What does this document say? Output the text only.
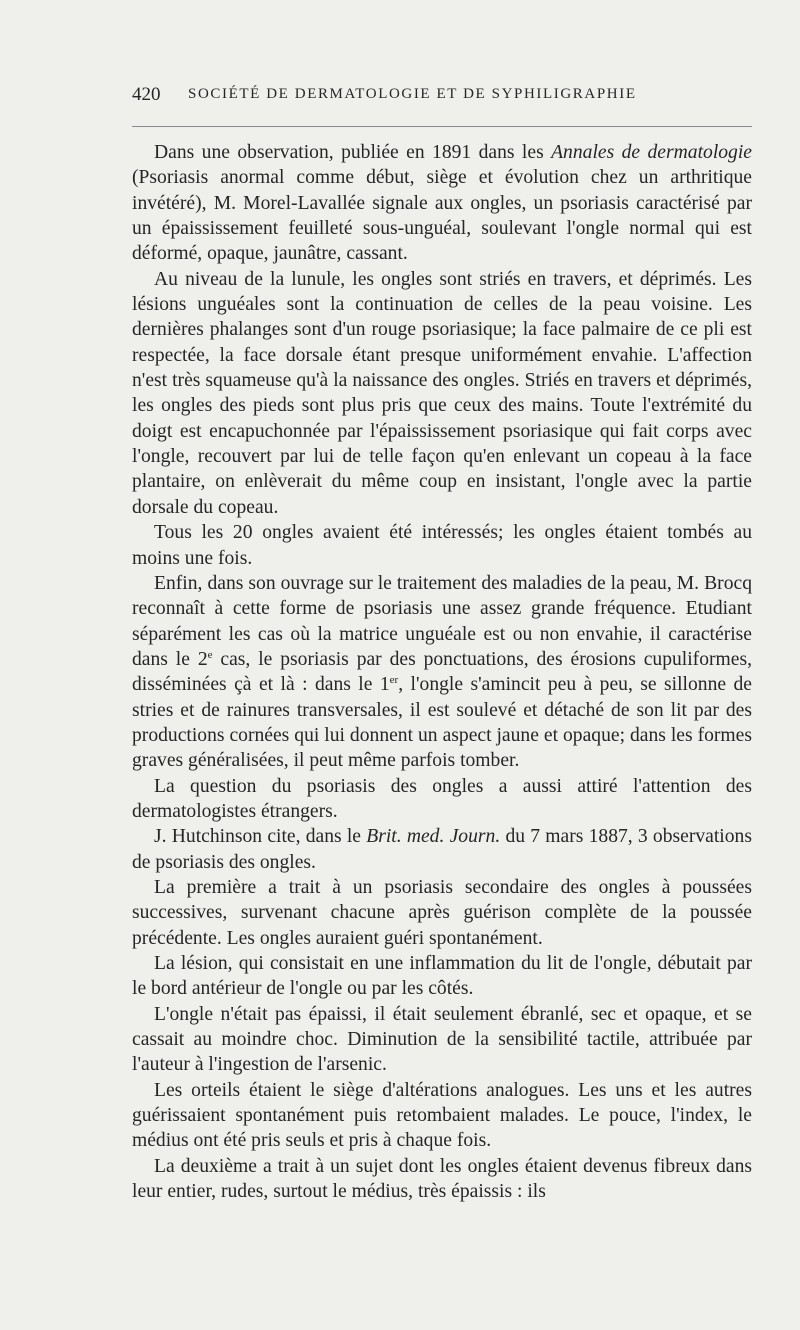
420 SOCIÉTÉ DE DERMATOLOGIE ET DE SYPHILIGRAPHIE

Dans une observation, publiée en 1891 dans les Annales de dermatologie (Psoriasis anormal comme début, siège et évolution chez un arthritique invétéré), M. Morel-Lavallée signale aux ongles, un psoriasis caractérisé par un épaississement feuilleté sous-unguéal, soulevant l'ongle normal qui est déformé, opaque, jaunâtre, cassant.

Au niveau de la lunule, les ongles sont striés en travers, et déprimés. Les lésions unguéales sont la continuation de celles de la peau voisine. Les dernières phalanges sont d'un rouge psoriasique; la face palmaire de ce pli est respectée, la face dorsale étant presque uniformément envahie. L'affection n'est très squameuse qu'à la naissance des ongles. Striés en travers et déprimés, les ongles des pieds sont plus pris que ceux des mains. Toute l'extrémité du doigt est encapuchonnée par l'épaississement psoriasique qui fait corps avec l'ongle, recouvert par lui de telle façon qu'en enlevant un copeau à la face plantaire, on enlèverait du même coup en insistant, l'ongle avec la partie dorsale du copeau.

Tous les 20 ongles avaient été intéressés; les ongles étaient tombés au moins une fois.

Enfin, dans son ouvrage sur le traitement des maladies de la peau, M. Brocq reconnaît à cette forme de psoriasis une assez grande fréquence. Etudiant séparément les cas où la matrice unguéale est ou non envahie, il caractérise dans le 2e cas, le psoriasis par des ponctuations, des érosions cupuliformes, disséminées çà et là : dans le 1er, l'ongle s'amincit peu à peu, se sillonne de stries et de rainures transversales, il est soulevé et détaché de son lit par des productions cornées qui lui donnent un aspect jaune et opaque; dans les formes graves généralisées, il peut même parfois tomber.

La question du psoriasis des ongles a aussi attiré l'attention des dermatologistes étrangers.

J. Hutchinson cite, dans le Brit. med. Journ. du 7 mars 1887, 3 observations de psoriasis des ongles.

La première a trait à un psoriasis secondaire des ongles à poussées successives, survenant chacune après guérison complète de la poussée précédente. Les ongles auraient guéri spontanément.

La lésion, qui consistait en une inflammation du lit de l'ongle, débutait par le bord antérieur de l'ongle ou par les côtés.

L'ongle n'était pas épaissi, il était seulement ébranlé, sec et opaque, et se cassait au moindre choc. Diminution de la sensibilité tactile, attribuée par l'auteur à l'ingestion de l'arsenic.

Les orteils étaient le siège d'altérations analogues. Les uns et les autres guérissaient spontanément puis retombaient malades. Le pouce, l'index, le médius ont été pris seuls et pris à chaque fois.

La deuxième a trait à un sujet dont les ongles étaient devenus fibreux dans leur entier, rudes, surtout le médius, très épaissis : ils
